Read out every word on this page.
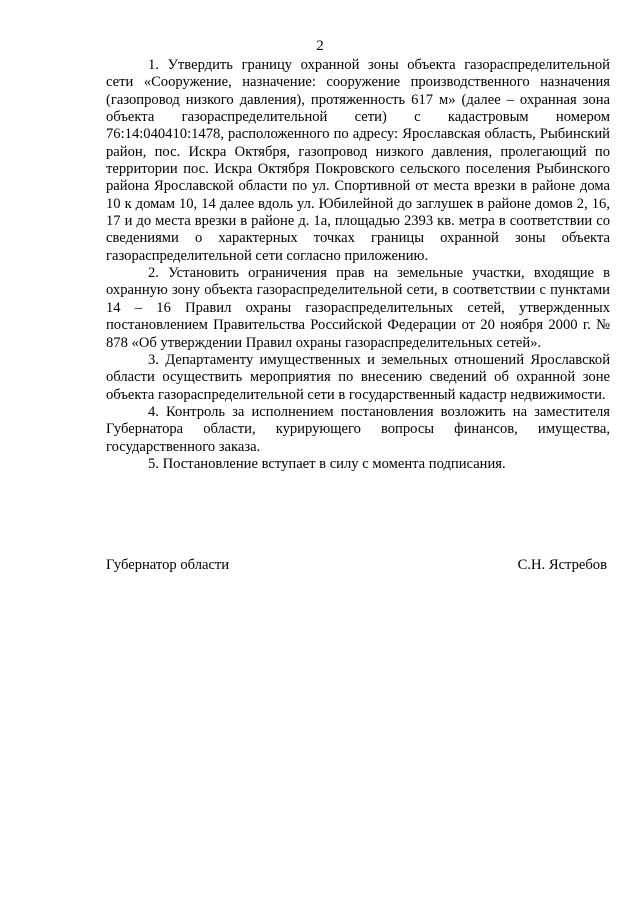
2

1. Утвердить границу охранной зоны объекта газораспределительной сети «Сооружение, назначение: сооружение производственного назначения (газопровод низкого давления), протяженность 617 м» (далее – охранная зона объекта газораспределительной сети) с кадастровым номером 76:14:040410:1478, расположенного по адресу: Ярославская область, Рыбинский район, пос. Искра Октября, газопровод низкого давления, пролегающий по территории пос. Искра Октября Покровского сельского поселения Рыбинского района Ярославской области по ул. Спортивной от места врезки в районе дома 10 к домам 10, 14 далее вдоль ул. Юбилейной до заглушек в районе домов 2, 16, 17 и до места врезки в районе д. 1а, площадью 2393 кв. метра в соответствии со сведениями о характерных точках границы охранной зоны объекта газораспределительной сети согласно приложению.

2. Установить ограничения прав на земельные участки, входящие в охранную зону объекта газораспределительной сети, в соответствии с пунктами 14 – 16 Правил охраны газораспределительных сетей, утвержденных постановлением Правительства Российской Федерации от 20 ноября 2000 г. № 878 «Об утверждении Правил охраны газораспределительных сетей».

3. Департаменту имущественных и земельных отношений Ярославской области осуществить мероприятия по внесению сведений об охранной зоне объекта газораспределительной сети в государственный кадастр недвижимости.

4. Контроль за исполнением постановления возложить на заместителя Губернатора области, курирующего вопросы финансов, имущества, государственного заказа.

5. Постановление вступает в силу с момента подписания.

Губернатор области	С.Н. Ястребов
